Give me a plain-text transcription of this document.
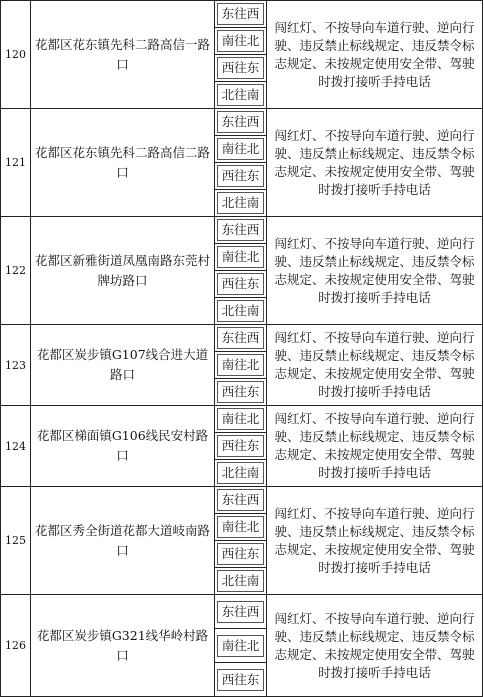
120	花都区花东镇先科二路高信一路口	东往西	闯红灯、不按导向车道行驶、逆向行驶、违反禁止标线规定、违反禁令标志规定、未按规定使用安全带、驾驶时拨打接听手持电话

		南往北	

		西往东	

		北往南	

121	花都区花东镇先科二路高信二路口	东往西	闯红灯、不按导向车道行驶、逆向行驶、违反禁止标线规定、违反禁令标志规定、未按规定使用安全带、驾驶时拨打接听手持电话

		南往北	

		西往东	

		北往南	

122	花都区新雅街道凤凰南路东莞村牌坊路口	东往西	闯红灯、不按导向车道行驶、逆向行驶、违反禁止标线规定、违反禁令标志规定、未按规定使用安全带、驾驶时拨打接听手持电话

		南往北	

		西往东	

		北往南	

123	花都区炭步镇G107线合进大道路口	东往西	闯红灯、不按导向车道行驶、逆向行驶、违反禁止标线规定、违反禁令标志规定、未按规定使用安全带、驾驶时拨打接听手持电话

		南往北	

		西往东	

124	花都区梯面镇G106线民安村路口	南往北	闯红灯、不按导向车道行驶、逆向行驶、违反禁止标线规定、违反禁令标志规定、未按规定使用安全带、驾驶时拨打接听手持电话

		西往东	

		北往南	

125	花都区秀全街道花都大道岐南路口	东往西	闯红灯、不按导向车道行驶、逆向行驶、违反禁止标线规定、违反禁令标志规定、未按规定使用安全带、驾驶时拨打接听手持电话

		南往北	

		西往东	

		北往南	

126	花都区炭步镇G321线华岭村路口	东往西	闯红灯、不按导向车道行驶、逆向行驶、违反禁止标线规定、违反禁令标志规定、未按规定使用安全带、驾驶时拨打接听手持电话

		南往北	

		西往东	
